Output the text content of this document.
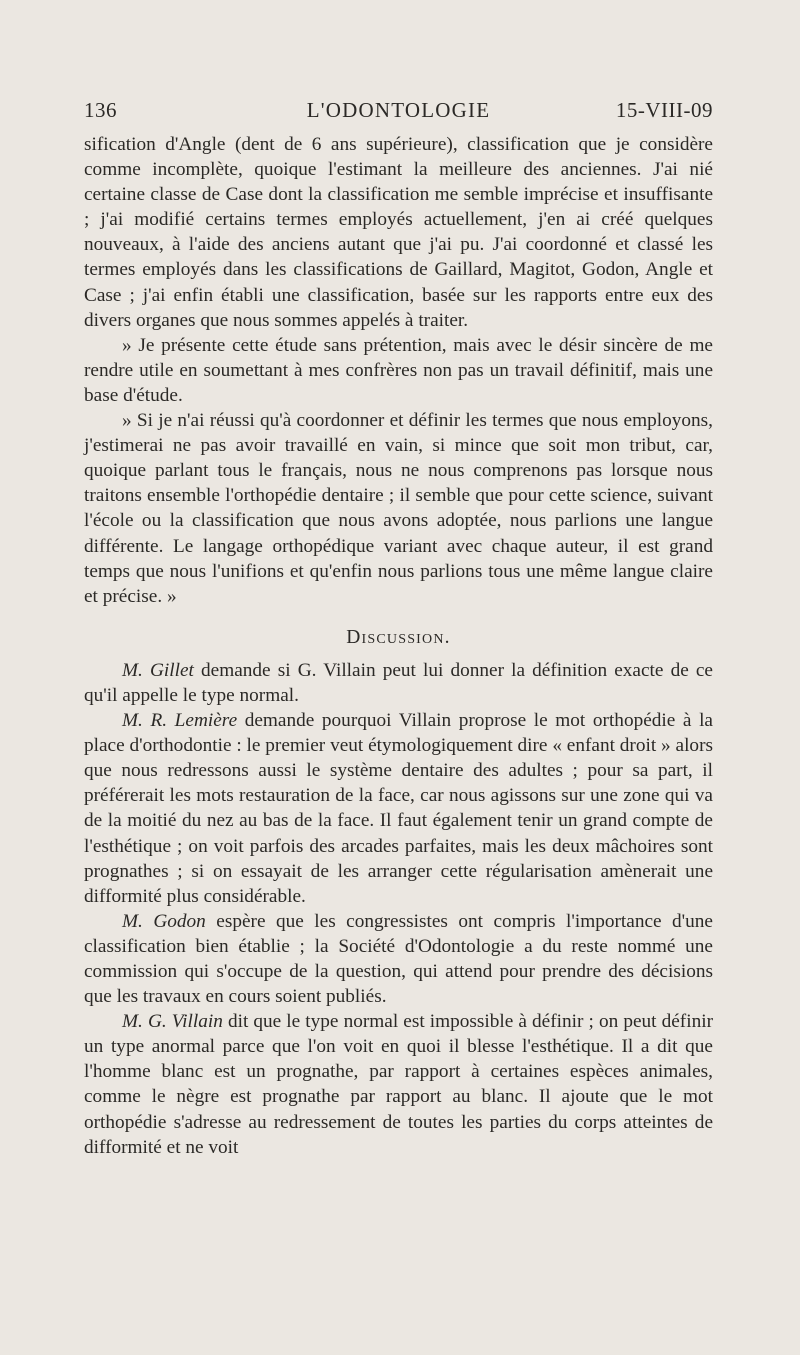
136	L'ODONTOLOGIE	15-VIII-09

sification d'Angle (dent de 6 ans supérieure), classification que je considère comme incomplète, quoique l'estimant la meilleure des anciennes. J'ai nié certaine classe de Case dont la classification me semble imprécise et insuffisante ; j'ai modifié certains termes employés actuellement, j'en ai créé quelques nouveaux, à l'aide des anciens autant que j'ai pu. J'ai coordonné et classé les termes employés dans les classifications de Gaillard, Magitot, Godon, Angle et Case ; j'ai enfin établi une classification, basée sur les rapports entre eux des divers organes que nous sommes appelés à traiter.

» Je présente cette étude sans prétention, mais avec le désir sincère de me rendre utile en soumettant à mes confrères non pas un travail définitif, mais une base d'étude.

» Si je n'ai réussi qu'à coordonner et définir les termes que nous employons, j'estimerai ne pas avoir travaillé en vain, si mince que soit mon tribut, car, quoique parlant tous le français, nous ne nous comprenons pas lorsque nous traitons ensemble l'orthopédie dentaire ; il semble que pour cette science, suivant l'école ou la classification que nous avons adoptée, nous parlions une langue différente. Le langage orthopédique variant avec chaque auteur, il est grand temps que nous l'unifions et qu'enfin nous parlions tous une même langue claire et précise. »

Discussion.

M. Gillet demande si G. Villain peut lui donner la définition exacte de ce qu'il appelle le type normal.

M. R. Lemière demande pourquoi Villain proprose le mot orthopédie à la place d'orthodontie : le premier veut étymologiquement dire « enfant droit » alors que nous redressons aussi le système dentaire des adultes ; pour sa part, il préférerait les mots restauration de la face, car nous agissons sur une zone qui va de la moitié du nez au bas de la face. Il faut également tenir un grand compte de l'esthétique ; on voit parfois des arcades parfaites, mais les deux mâchoires sont prognathes ; si on essayait de les arranger cette régularisation amènerait une difformité plus considérable.

M. Godon espère que les congressistes ont compris l'importance d'une classification bien établie ; la Société d'Odontologie a du reste nommé une commission qui s'occupe de la question, qui attend pour prendre des décisions que les travaux en cours soient publiés.

M. G. Villain dit que le type normal est impossible à définir ; on peut définir un type anormal parce que l'on voit en quoi il blesse l'esthétique. Il a dit que l'homme blanc est un prognathe, par rapport à certaines espèces animales, comme le nègre est prognathe par rapport au blanc. Il ajoute que le mot orthopédie s'adresse au redressement de toutes les parties du corps atteintes de difformité et ne voit
